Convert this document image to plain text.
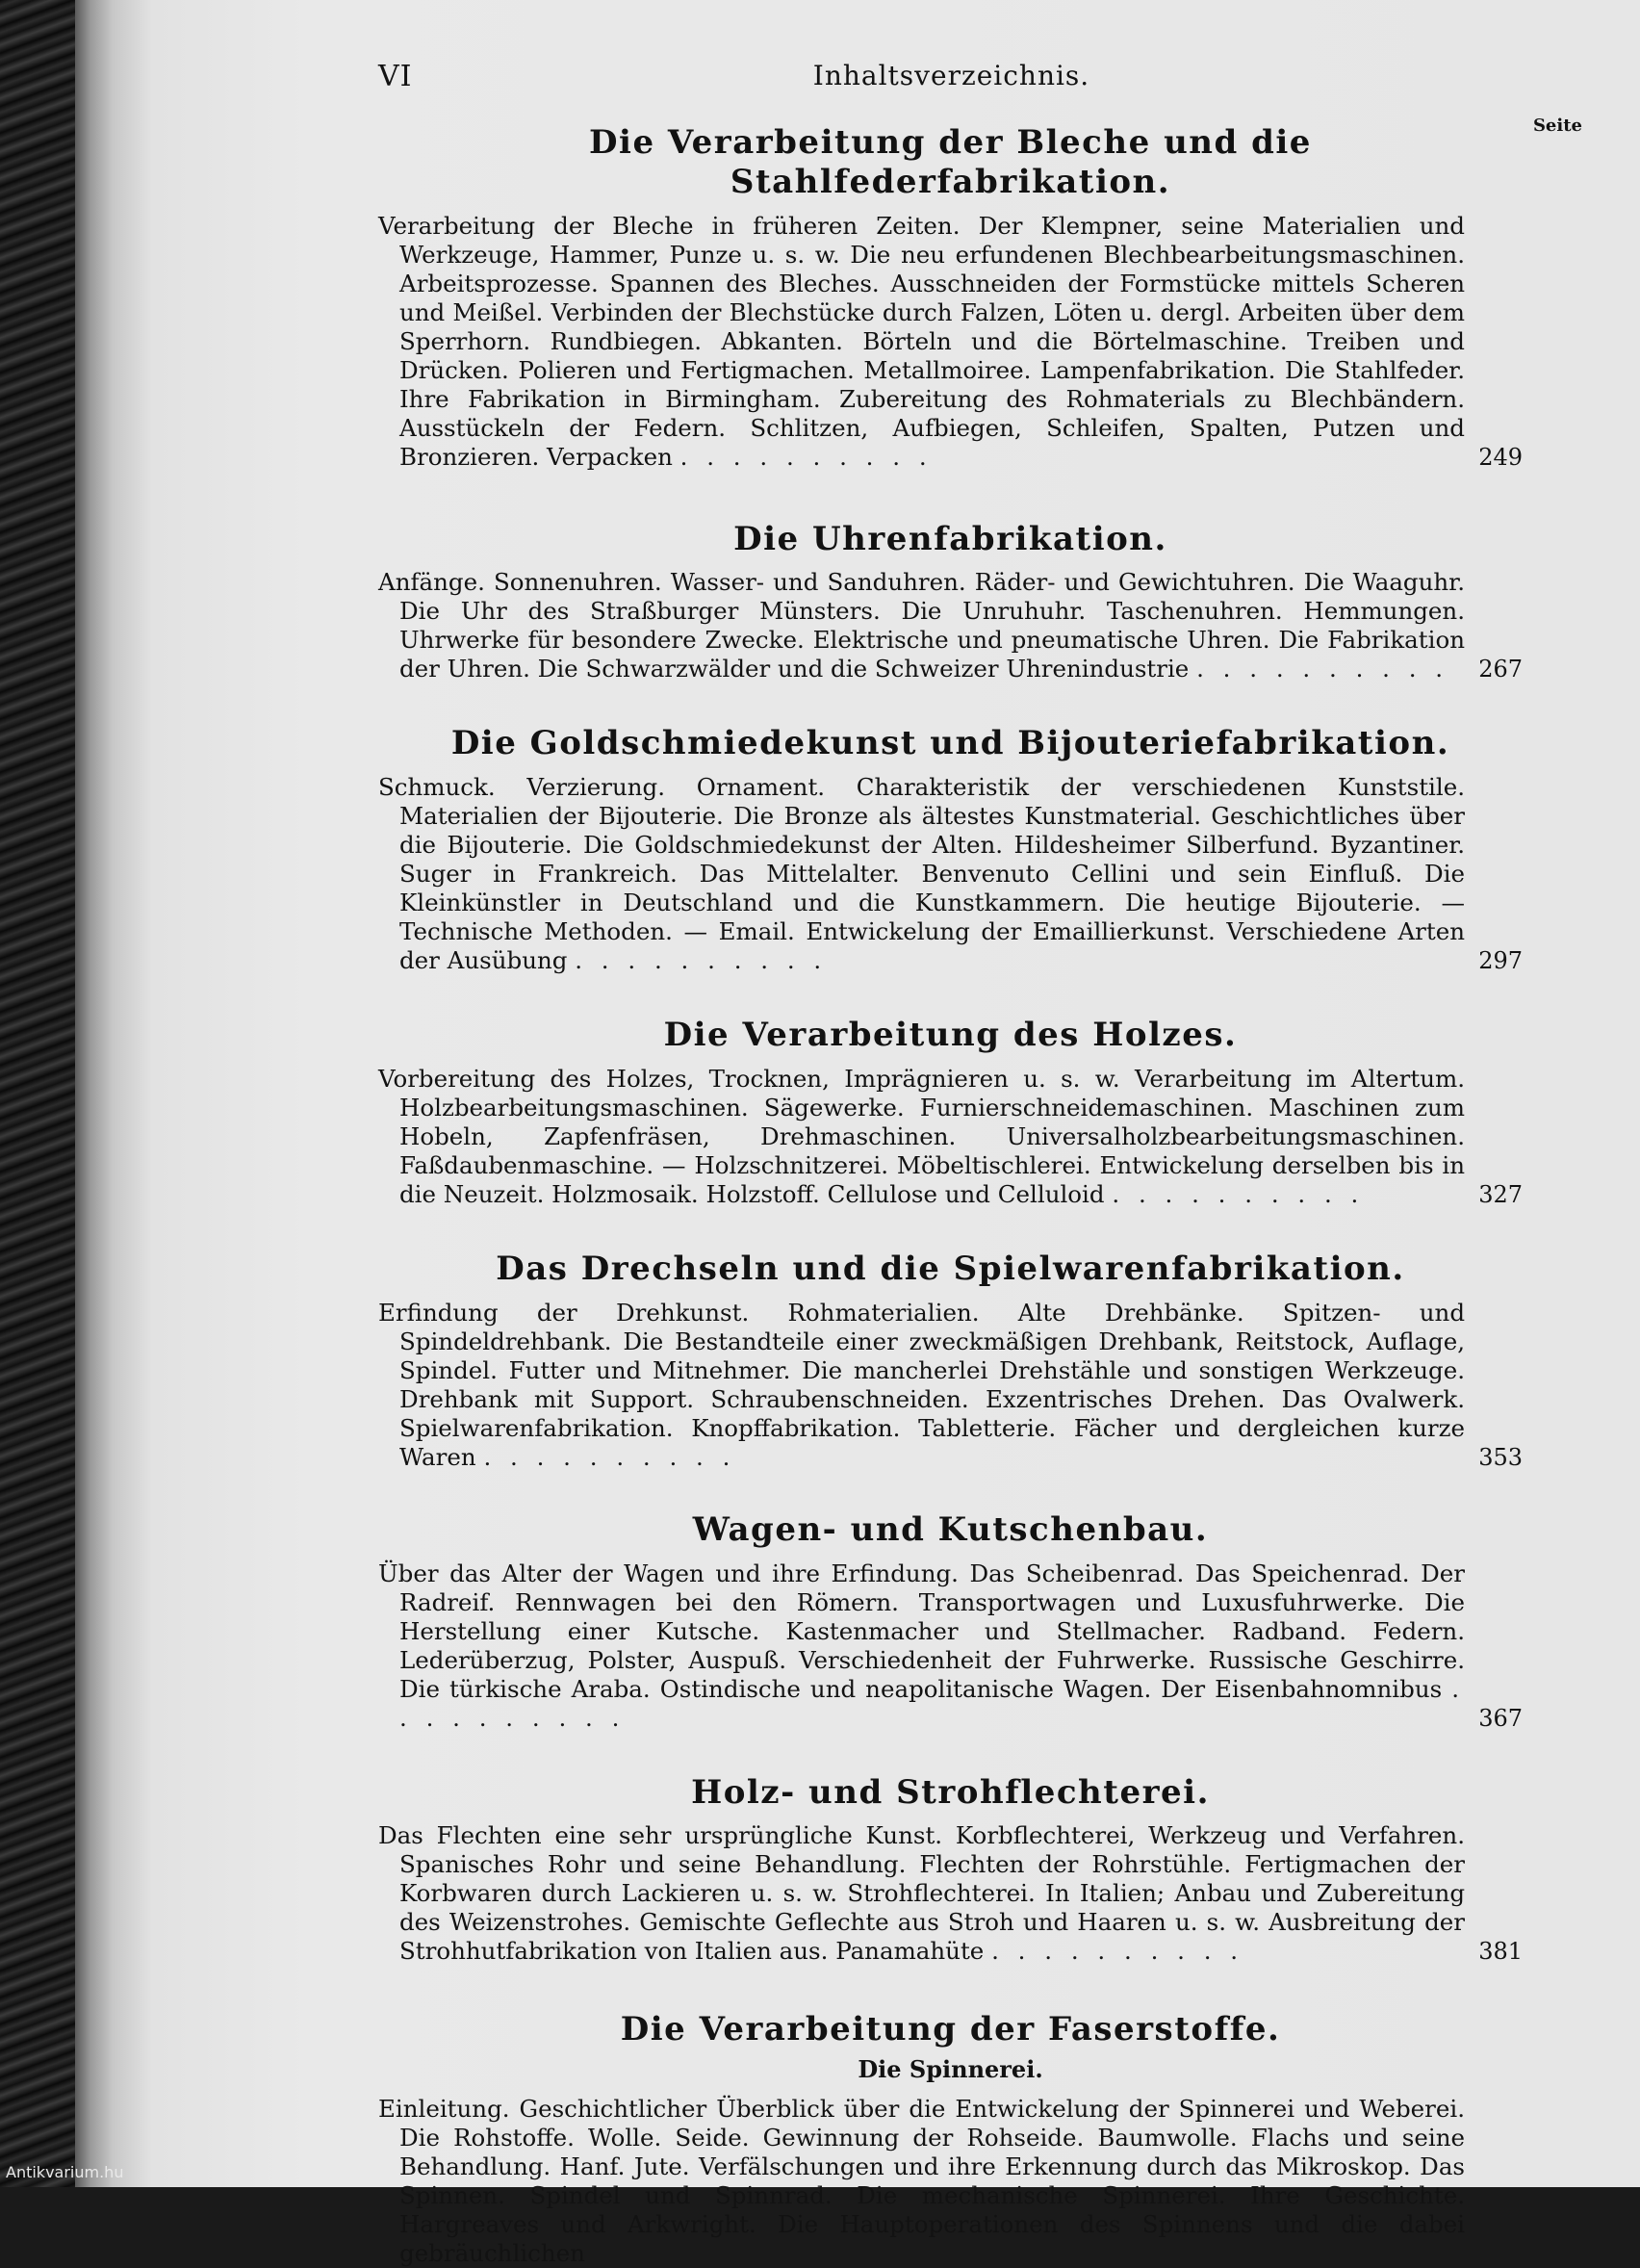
VI	Inhaltsverzeichnis.
Seite
Die Verarbeitung der Bleche und die Stahlfederfabrikation.
Verarbeitung der Bleche in früheren Zeiten. Der Klempner, seine Materialien und Werkzeuge, Hammer, Punze u. s. w. Die neu erfundenen Blechbearbeitungsmaschinen. Arbeitsprozesse. Spannen des Bleches. Ausschneiden der Formstücke mittels Scheren und Meißel. Verbinden der Blechstücke durch Falzen, Löten u. dergl. Arbeiten über dem Sperrhorn. Rundbiegen. Abkanten. Börteln und die Börtelmaschine. Treiben und Drücken. Polieren und Fertigmachen. Metallmoiree. Lampenfabrikation. Die Stahlfeder. Ihre Fabrikation in Birmingham. Zubereitung des Rohmaterials zu Blechbändern. Ausstückeln der Federn. Schlitzen, Aufbiegen, Schleifen, Spalten, Putzen und Bronzieren. Verpacken . . . . . . . . . .	249
Die Uhrenfabrikation.
Anfänge. Sonnenuhren. Wasser- und Sanduhren. Räder- und Gewichtuhren. Die Waaguhr. Die Uhr des Straßburger Münsters. Die Unruhuhr. Taschenuhren. Hemmungen. Uhrwerke für besondere Zwecke. Elektrische und pneumatische Uhren. Die Fabrikation der Uhren. Die Schwarzwälder und die Schweizer Uhrenindustrie . . . . . . . . . . 267
Die Goldschmiedekunst und Bijouteriefabrikation.
Schmuck. Verzierung. Ornament. Charakteristik der verschiedenen Kunststile. Materialien der Bijouterie. Die Bronze als ältestes Kunstmaterial. Geschichtliches über die Bijouterie. Die Goldschmiedekunst der Alten. Hildesheimer Silberfund. Byzantiner. Suger in Frankreich. Das Mittelalter. Benvenuto Cellini und sein Einfluß. Die Kleinkünstler in Deutschland und die Kunstkammern. Die heutige Bijouterie. — Technische Methoden. — Email. Entwickelung der Emaillierkunst. Verschiedene Arten der Ausübung . . . . . . . . . .	297
Die Verarbeitung des Holzes.
Vorbereitung des Holzes, Trocknen, Imprägnieren u. s. w. Verarbeitung im Altertum. Holzbearbeitungsmaschinen. Sägewerke. Furnierschneidemaschinen. Maschinen zum Hobeln, Zapfenfräsen, Drehmaschinen. Universalholzbearbeitungsmaschinen. Faßdaubenmaschine. — Holzschnitzerei. Möbeltischlerei. Entwickelung derselben bis in die Neuzeit. Holzmosaik. Holzstoff. Cellulose und Celluloid . . . . . . . . . .	327
Das Drechseln und die Spielwarenfabrikation.
Erfindung der Drehkunst. Rohmaterialien. Alte Drehbänke. Spitzen- und Spindeldrehbank. Die Bestandteile einer zweckmäßigen Drehbank, Reitstock, Auflage, Spindel. Futter und Mitnehmer. Die mancherlei Drehstähle und sonstigen Werkzeuge. Drehbank mit Support. Schraubenschneiden. Exzentrisches Drehen. Das Ovalwerk. Spielwarenfabrikation. Knopffabrikation. Tabletterie. Fächer und dergleichen kurze Waren . . . . . . . . . .	353
Wagen- und Kutschenbau.
Über das Alter der Wagen und ihre Erfindung. Das Scheibenrad. Das Speichenrad. Der Radreif. Rennwagen bei den Römern. Transportwagen und Luxusfuhrwerke. Die Herstellung einer Kutsche. Kastenmacher und Stellmacher. Radband. Federn. Lederüberzug, Polster, Auspuß. Verschiedenheit der Fuhrwerke. Russische Geschirre. Die türkische Araba. Ostindische und neapolitanische Wagen. Der Eisenbahnomnibus . . . . . . . . . .	367
Holz- und Strohflechterei.
Das Flechten eine sehr ursprüngliche Kunst. Korbflechterei, Werkzeug und Verfahren. Spanisches Rohr und seine Behandlung. Flechten der Rohrstühle. Fertigmachen der Korbwaren durch Lackieren u. s. w. Strohflechterei. In Italien; Anbau und Zubereitung des Weizenstrohes. Gemischte Geflechte aus Stroh und Haaren u. s. w. Ausbreitung der Strohhutfabrikation von Italien aus. Panamahüte . . . . . . . . . .	381
Die Verarbeitung der Faserstoffe.
Die Spinnerei.
Einleitung. Geschichtlicher Überblick über die Entwickelung der Spinnerei und Weberei. Die Rohstoffe. Wolle. Seide. Gewinnung der Rohseide. Baumwolle. Flachs und seine Behandlung. Hanf. Jute. Verfälschungen und ihre Erkennung durch das Mikroskop. Das Spinnen. Spindel und Spinnrad. Die mechanische Spinnerei. Ihre Geschichte. Hargreaves und Arkwright. Die Hauptoperationen des Spinnens und die dabei gebräuchlichen
Antikvarium.hu
